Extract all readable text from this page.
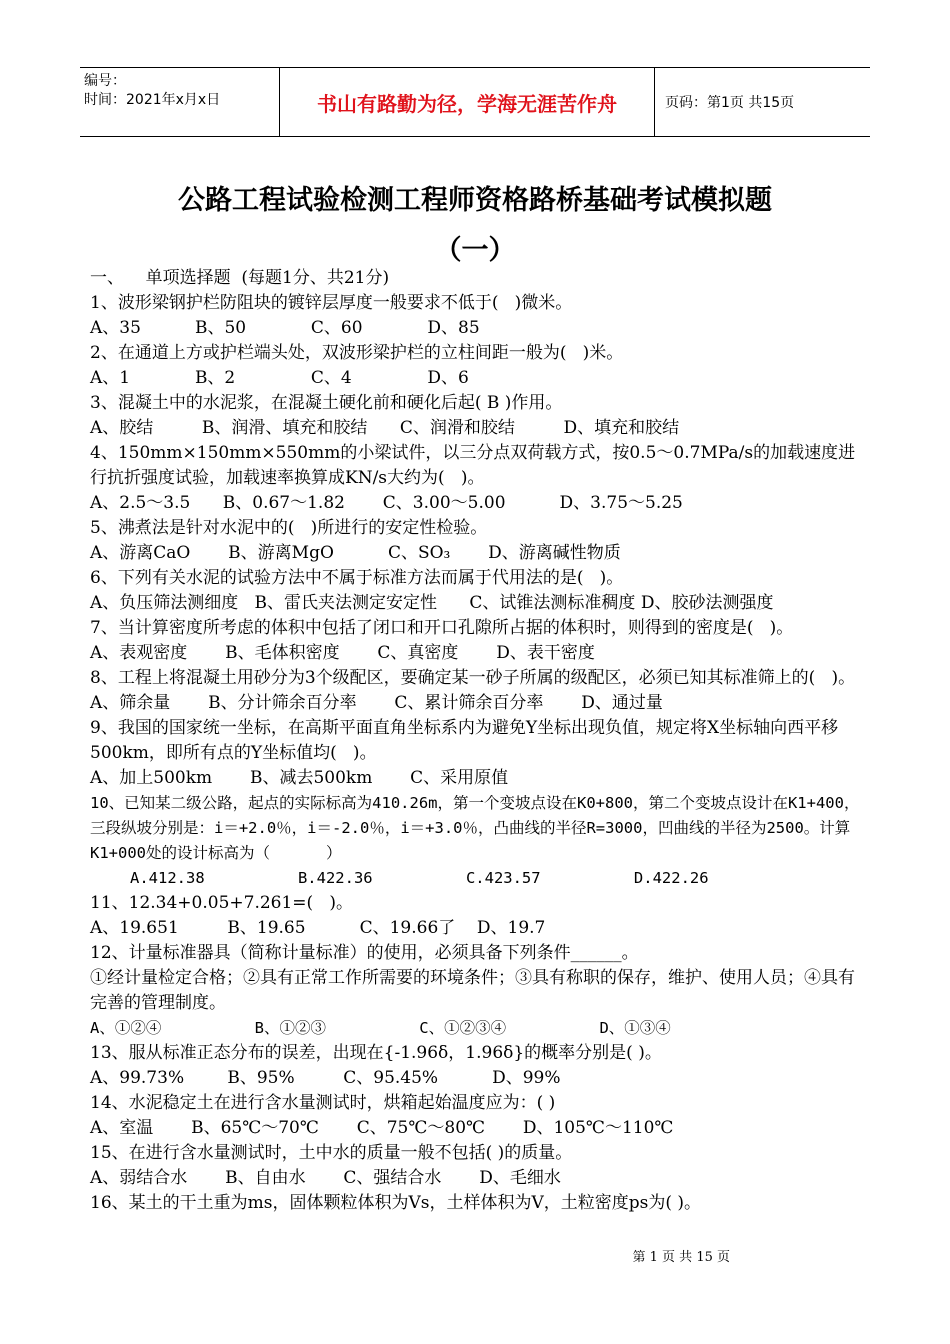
编号：
时间：2021年x月x日	书山有路勤为径，学海无涯苦作舟	页码：第1页 共15页
公路工程试验检测工程师资格路桥基础考试模拟题
（一）

一、    单项选择题  (每题1分、共21分)

1、波形梁钢护栏防阻块的镀锌层厚度一般要求不低于(   )微米。

A、35          B、50            C、60            D、85

2、在通道上方或护栏端头处，双波形梁护栏的立柱间距一般为(   )米。

A、1            B、2              C、4              D、6

3、混凝土中的水泥浆，在混凝土硬化前和硬化后起( B )作用。

A、胶结         B、润滑、填充和胶结      C、润滑和胶结         D、填充和胶结

4、150mm×150mm×550mm的小梁试件，以三分点双荷载方式，按0.5～0.7MPa/s的加载速度进行抗折强度试验，加载速率换算成KN/s大约为(   )。

A、2.5～3.5      B、0.67～1.82       C、3.00～5.00          D、3.75～5.25

5、沸煮法是针对水泥中的(   )所进行的安定性检验。

A、游离CaO       B、游离MgO          C、SO₃       D、游离碱性物质

6、下列有关水泥的试验方法中不属于标准方法而属于代用法的是(   )。

A、负压筛法测细度   B、雷氏夹法测定安定性      C、试锥法测标准稠度 D、胶砂法测强度

7、当计算密度所考虑的体积中包括了闭口和开口孔隙所占据的体积时，则得到的密度是(   )。

A、表观密度       B、毛体积密度       C、真密度       D、表干密度

8、工程上将混凝土用砂分为3个级配区，要确定某一砂子所属的级配区，必须已知其标准筛上的(   )。

A、筛余量       B、分计筛余百分率       C、累计筛余百分率       D、通过量

9、我国的国家统一坐标，在高斯平面直角坐标系内为避免Y坐标出现负值，规定将X坐标轴向西平移500km，即所有点的Y坐标值均(   )。

A、加上500km       B、减去500km       C、采用原值

10、已知某二级公路，起点的实际标高为410.26m，第一个变坡点设在K0+800，第二个变坡点设计在K1+400，三段纵坡分别是：i＝+2.0％，i＝-2.0％，i＝+3.0％，凸曲线的半径R=3000，凹曲线的半径为2500。计算K1+000处的设计标高为（      ）

A.412.38          B.422.36          C.423.57          D.422.26

11、12.34+0.05+7.261=(   )。

A、19.651         B、19.65          C、19.66了    D、19.7

12、计量标准器具（简称计量标准）的使用，必须具备下列条件______。

①经计量检定合格；②具有正常工作所需要的环境条件；③具有称职的保存，维护、使用人员；④具有完善的管理制度。

A、①②④          B、①②③          C、①②③④          D、①③④

13、服从标准正态分布的误差，出现在{-1.96δ，1.96δ}的概率分别是( )。

A、99.73%        B、95%         C、95.45%          D、99%

14、水泥稳定土在进行含水量测试时，烘箱起始温度应为：( )

A、室温       B、65℃～70℃       C、75℃～80℃       D、105℃～110℃

15、在进行含水量测试时，土中水的质量一般不包括( )的质量。

A、弱结合水       B、自由水       C、强结合水       D、毛细水

16、某土的干土重为ms，固体颗粒体积为Vs，土样体积为V，土粒密度ps为( )。

第 1 页 共 15 页
